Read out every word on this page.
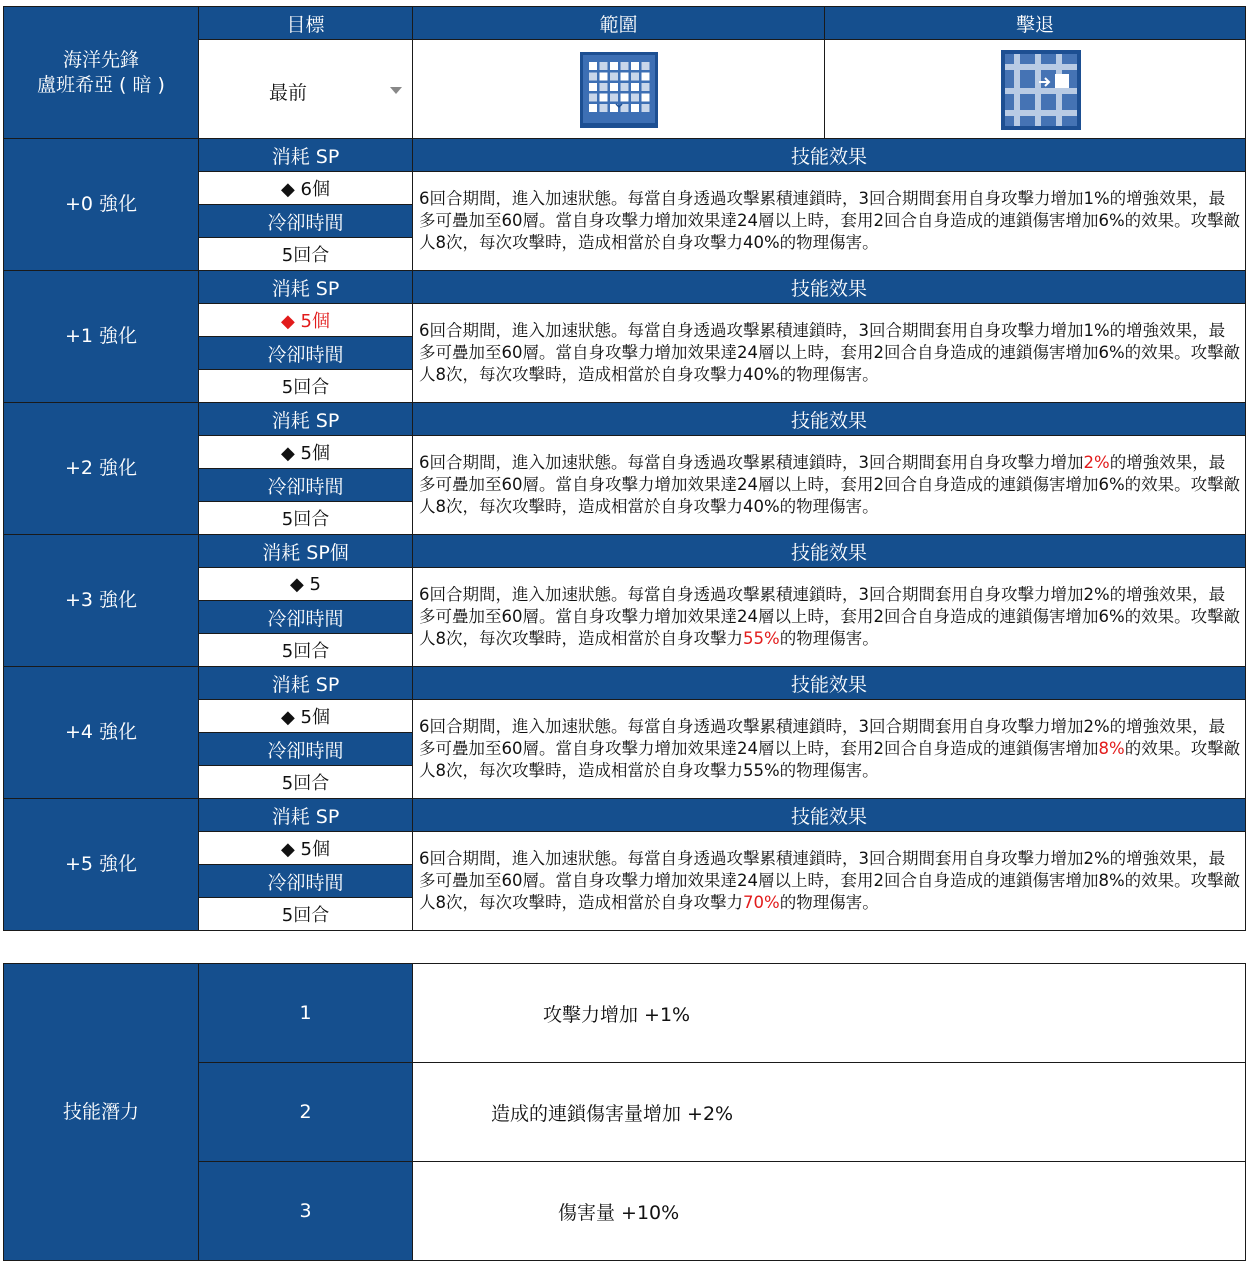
海洋先鋒
盧班希亞 ( 暗 )
目標	範圍	擊退
最前
+0 強化
消耗 SP
◆ 6個
冷卻時間
5回合
技能效果
6回合期間，進入加速狀態。每當自身透過攻擊累積連鎖時，3回合期間套用自身攻擊力增加1%的增強效果，最多可疊加至60層。當自身攻擊力增加效果達24層以上時，套用2回合自身造成的連鎖傷害增加6%的效果。攻擊敵人8次，每次攻擊時，造成相當於自身攻擊力40%的物理傷害。
+1 強化
消耗 SP
◆ 5個
冷卻時間
5回合
技能效果
6回合期間，進入加速狀態。每當自身透過攻擊累積連鎖時，3回合期間套用自身攻擊力增加1%的增強效果，最多可疊加至60層。當自身攻擊力增加效果達24層以上時，套用2回合自身造成的連鎖傷害增加6%的效果。攻擊敵人8次，每次攻擊時，造成相當於自身攻擊力40%的物理傷害。
+2 強化
消耗 SP
◆ 5個
冷卻時間
5回合
技能效果
6回合期間，進入加速狀態。每當自身透過攻擊累積連鎖時，3回合期間套用自身攻擊力增加2%的增強效果，最多可疊加至60層。當自身攻擊力增加效果達24層以上時，套用2回合自身造成的連鎖傷害增加6%的效果。攻擊敵人8次，每次攻擊時，造成相當於自身攻擊力40%的物理傷害。
+3 強化
消耗 SP個
◆ 5
冷卻時間
5回合
技能效果
6回合期間，進入加速狀態。每當自身透過攻擊累積連鎖時，3回合期間套用自身攻擊力增加2%的增強效果，最多可疊加至60層。當自身攻擊力增加效果達24層以上時，套用2回合自身造成的連鎖傷害增加6%的效果。攻擊敵人8次，每次攻擊時，造成相當於自身攻擊力55%的物理傷害。
+4 強化
消耗 SP
◆ 5個
冷卻時間
5回合
技能效果
6回合期間，進入加速狀態。每當自身透過攻擊累積連鎖時，3回合期間套用自身攻擊力增加2%的增強效果，最多可疊加至60層。當自身攻擊力增加效果達24層以上時，套用2回合自身造成的連鎖傷害增加8%的效果。攻擊敵人8次，每次攻擊時，造成相當於自身攻擊力55%的物理傷害。
+5 強化
消耗 SP
◆ 5個
冷卻時間
5回合
技能效果
6回合期間，進入加速狀態。每當自身透過攻擊累積連鎖時，3回合期間套用自身攻擊力增加2%的增強效果，最多可疊加至60層。當自身攻擊力增加效果達24層以上時，套用2回合自身造成的連鎖傷害增加8%的效果。攻擊敵人8次，每次攻擊時，造成相當於自身攻擊力70%的物理傷害。
技能潛力
1	攻擊力增加 +1%
2	造成的連鎖傷害量增加 +2%
3	傷害量 +10%
